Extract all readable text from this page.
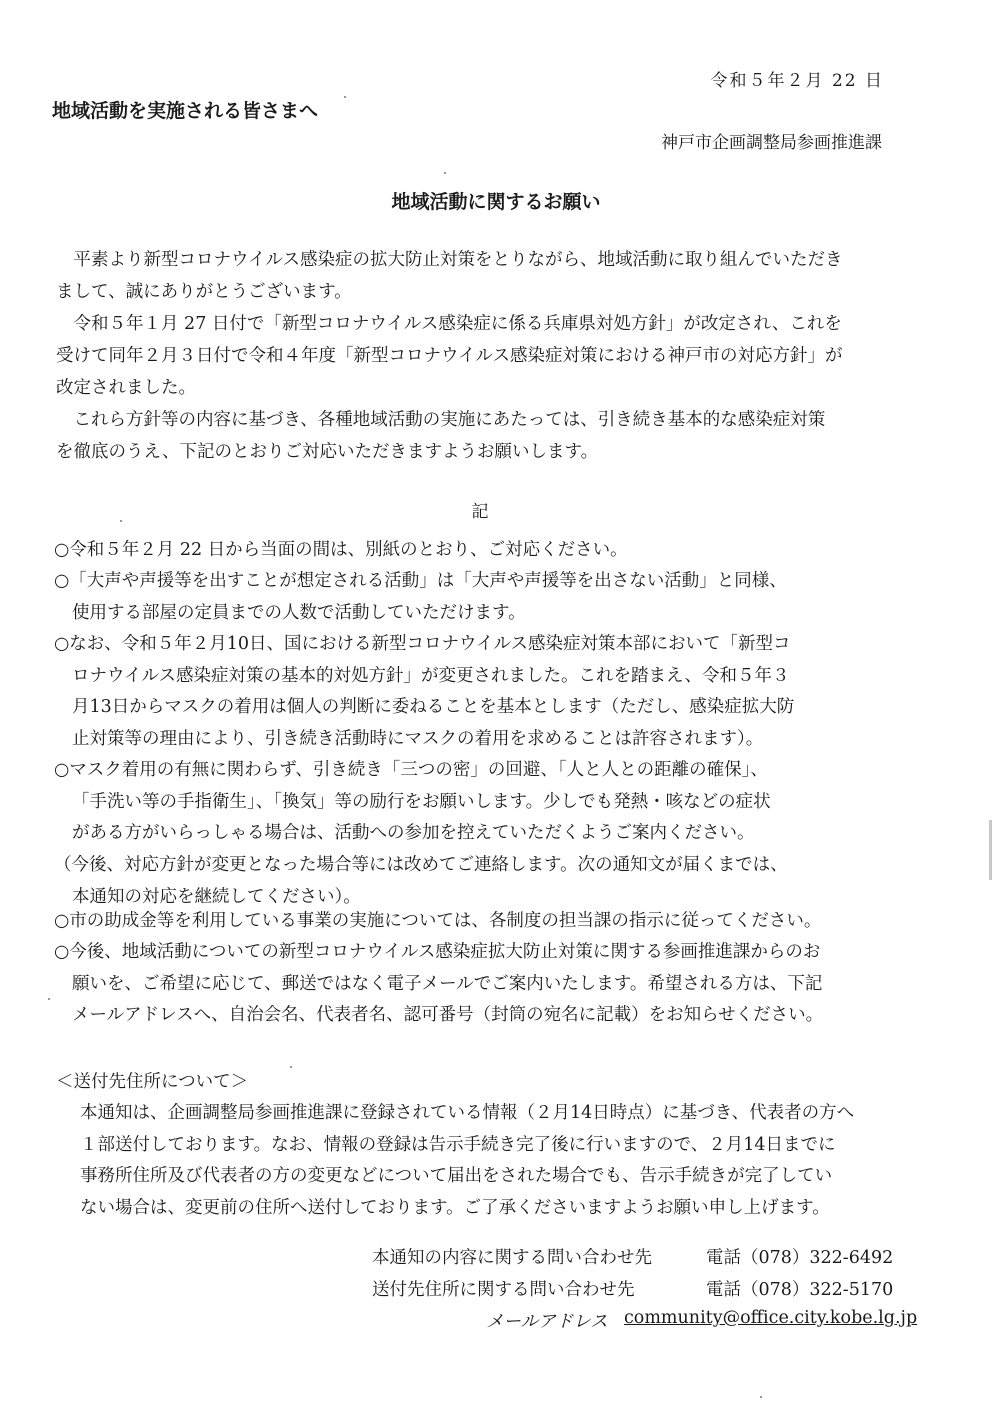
令和５年２月 22 日
地域活動を実施される皆さまへ
神戸市企画調整局参画推進課
地域活動に関するお願い
　平素より新型コロナウイルス感染症の拡大防止対策をとりながら、地域活動に取り組んでいただき
まして、誠にありがとうございます。
　令和５年１月 27 日付で「新型コロナウイルス感染症に係る兵庫県対処方針」が改定され、これを
受けて同年２月３日付で令和４年度「新型コロナウイルス感染症対策における神戸市の対応方針」が
改定されました。
　これら方針等の内容に基づき、各種地域活動の実施にあたっては、引き続き基本的な感染症対策
を徹底のうえ、下記のとおりご対応いただきますようお願いします。
記
○令和５年２月 22 日から当面の間は、別紙のとおり、ご対応ください。
○「大声や声援等を出すことが想定される活動」は「大声や声援等を出さない活動」と同様、
使用する部屋の定員までの人数で活動していただけます。
○なお、令和５年２月10日、国における新型コロナウイルス感染症対策本部において「新型コ
ロナウイルス感染症対策の基本的対処方針」が変更されました。これを踏まえ、令和５年３
月13日からマスクの着用は個人の判断に委ねることを基本とします（ただし、感染症拡大防
止対策等の理由により、引き続き活動時にマスクの着用を求めることは許容されます）。
○マスク着用の有無に関わらず、引き続き「三つの密」の回避、「人と人との距離の確保」、
「手洗い等の手指衛生」、「換気」等の励行をお願いします。少しでも発熱・咳などの症状
がある方がいらっしゃる場合は、活動への参加を控えていただくようご案内ください。
（今後、対応方針が変更となった場合等には改めてご連絡します。次の通知文が届くまでは、
本通知の対応を継続してください）。
○市の助成金等を利用している事業の実施については、各制度の担当課の指示に従ってください。
○今後、地域活動についての新型コロナウイルス感染症拡大防止対策に関する参画推進課からのお
願いを、ご希望に応じて、郵送ではなく電子メールでご案内いたします。希望される方は、下記
メールアドレスへ、自治会名、代表者名、認可番号（封筒の宛名に記載）をお知らせください。
＜送付先住所について＞
本通知は、企画調整局参画推進課に登録されている情報（２月14日時点）に基づき、代表者の方へ
１部送付しております。なお、情報の登録は告示手続き完了後に行いますので、２月14日までに
事務所住所及び代表者の方の変更などについて届出をされた場合でも、告示手続きが完了してい
ない場合は、変更前の住所へ送付しております。ご了承くださいますようお願い申し上げます。
本通知の内容に関する問い合わせ先	電話（078）322-6492
送付先住所に関する問い合わせ先	電話（078）322-5170
メールアドレス community@office.city.kobe.lg.jp
